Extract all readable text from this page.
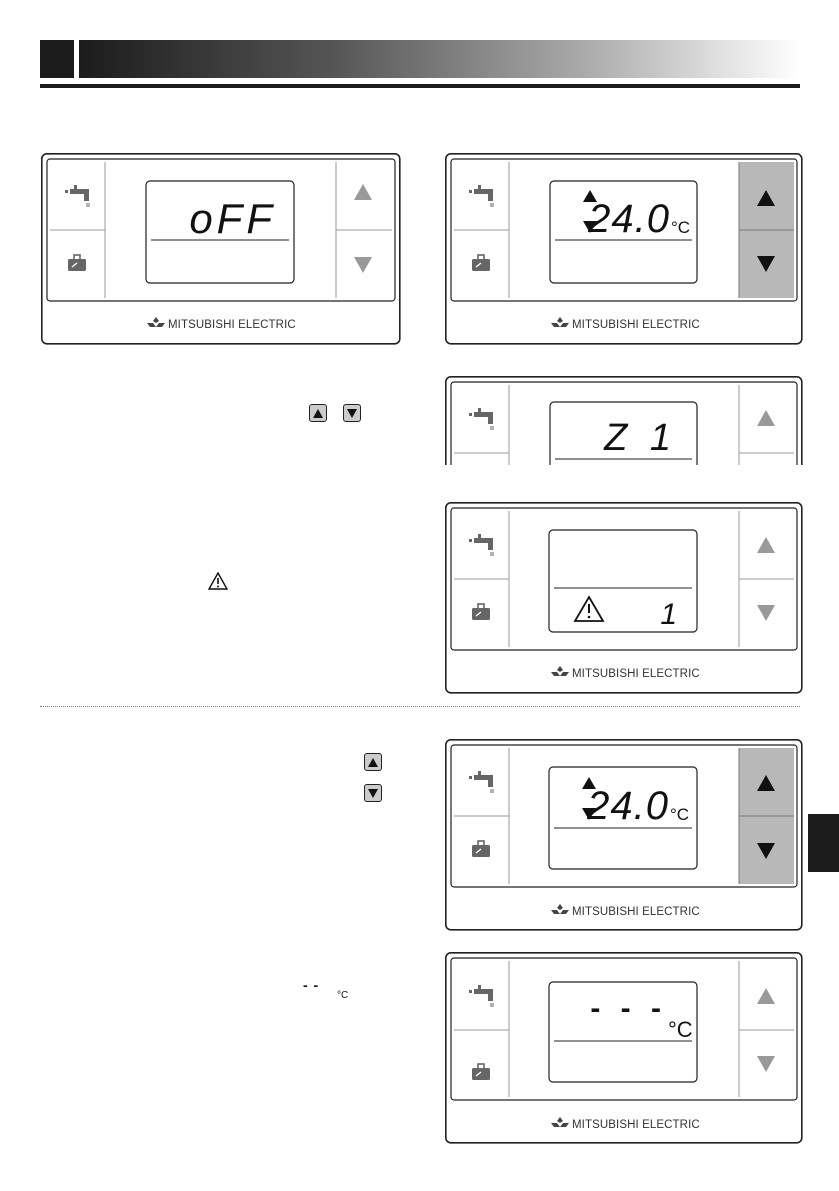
oFF
MITSUBISHI ELECTRIC
24.0 °C
MITSUBISHI ELECTRIC
Z 1
1
MITSUBISHI ELECTRIC
24.0 °C
MITSUBISHI ELECTRIC
- -
°C	- - -
°C
MITSUBISHI ELECTRIC
